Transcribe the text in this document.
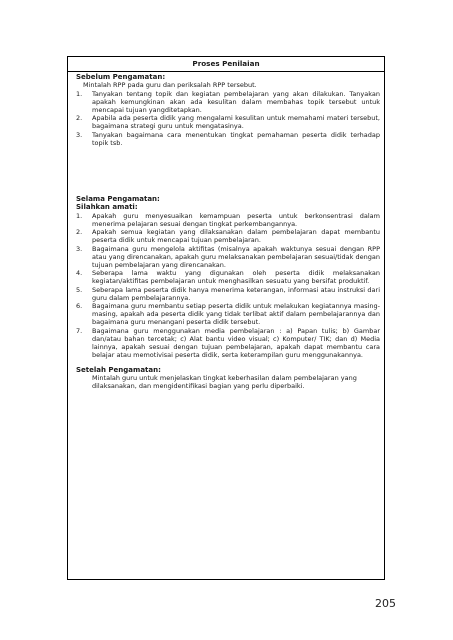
Proses Penilaian
Sebelum Pengamatan:
Mintalah RPP pada guru dan periksalah RPP tersebut.
1. Tanyakan tentang topik dan kegiatan pembelajaran yang akan dilakukan. Tanyakan apakah kemungkinan akan ada kesulitan dalam membahas topik tersebut untuk mencapai tujuan yangditetapkan.
2. Apabila ada peserta didik yang mengalami kesulitan untuk memahami materi tersebut, bagaimana strategi guru untuk mengatasinya.
3. Tanyakan bagaimana cara menentukan tingkat pemahaman peserta didik terhadap topik tsb.
Selama Pengamatan:
Silahkan amati:
1. Apakah guru menyesuaikan kemampuan peserta untuk berkonsentrasi dalam menerima pelajaran sesuai dengan tingkat perkembangannya.
2. Apakah semua kegiatan yang dilaksanakan dalam pembelajaran dapat membantu peserta didik untuk mencapai tujuan pembelajaran.
3. Bagaimana guru mengelola aktifitas (misalnya apakah waktunya sesuai dengan RPP atau yang direncanakan, apakah guru melaksanakan pembelajaran sesuai/tidak dengan tujuan pembelajaran yang direncanakan.
4. Seberapa lama waktu yang digunakan oleh peserta didik melaksanakan kegiatan/aktifitas pembelajaran untuk menghasilkan sesuatu yang bersifat produktif.
5. Seberapa lama peserta didik hanya menerima keterangan, informasi atau instruksi dari guru dalam pembelajarannya.
6. Bagaimana guru membantu setiap peserta didik untuk melakukan kegiatannya masing-masing, apakah ada peserta didik yang tidak terlibat aktif dalam pembelajarannya dan bagaimana guru menangani peserta didik tersebut.
7. Bagaimana guru menggunakan media pembelajaran : a) Papan tulis; b) Gambar dan/atau bahan tercetak; c) Alat bantu video visual; c) Komputer/ TIK; dan d) Media lainnya, apakah sesuai dengan tujuan pembelajaran, apakah dapat membantu cara belajar atau memotivisai peserta didik, serta keterampilan guru menggunakannya.
Setelah Pengamatan:
Mintalah guru untuk menjelaskan tingkat keberhasilan dalam pembelajaran yang dilaksanakan, dan mengidentifikasi bagian yang perlu diperbaiki.
205
